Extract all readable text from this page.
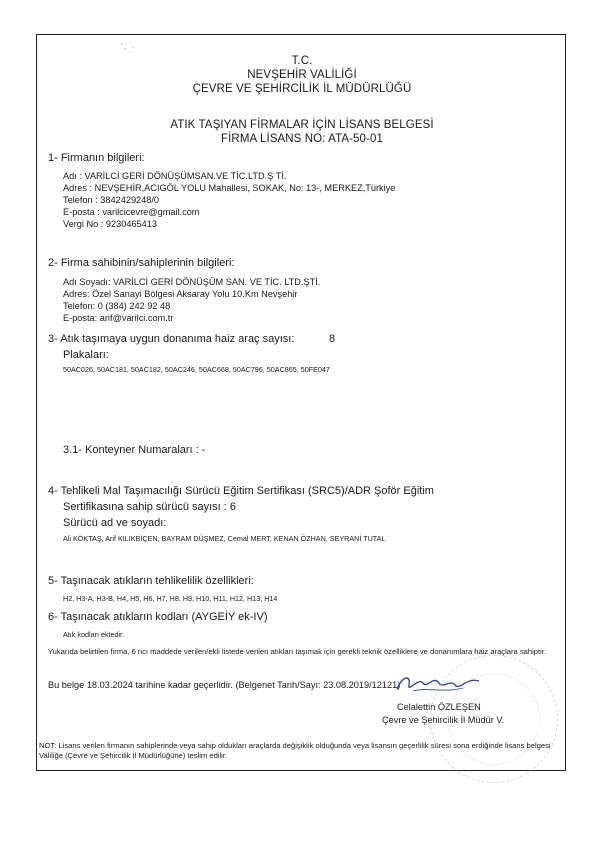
T.C.
NEVŞEHİR VALİLİĞİ
ÇEVRE VE ŞEHİRCİLİK İL MÜDÜRLÜĞÜ
ATIK TAŞIYAN FİRMALAR İÇİN LİSANS BELGESİ
FİRMA LİSANS NO: ATA-50-01
1- Firmanın bilgileri:
Adı : VARİLCİ GERİ DÖNÜŞÜMSAN.VE TİC.LTD.Ş Tİ.
Adres : NEVŞEHİR,ACIGÖL YOLU Mahallesi, SOKAK, No: 13-, MERKEZ,Türkiye
Telefon : 3842429248/0
E-posta : varilcicevre@gmail.com
Vergi No : 9230465413
2- Firma sahibinin/sahiplerinin bilgileri:
Adı Soyadı: VARİLCİ GERİ DÖNÜŞÜM SAN. VE TİC. LTD.ŞTİ.
Adres: Özel Sanayi Bölgesi Aksaray Yolu 10.Km Nevşehir
Telefon: 0 (384) 242 92 48
E-posta: arif@varilci.com.tr
3- Atık taşımaya uygun donanıma haiz araç sayısı:	8
Plakaları:
50AC026, 50AC181, 50AC182, 50AC246, 50AC668, 50AC796, 50AC865, 50FE047
3.1- Konteyner Numaraları : -
4- Tehlikeli Mal Taşımacılığı Sürücü Eğitim Sertifikası (SRC5)/ADR Şoför Eğitim
Sertifikasına sahip sürücü sayısı : 6
Sürücü ad ve soyadı:
Ali KÖKTAŞ, Arif KILIKBİÇEN, BAYRAM DÜŞMEZ, Cemal MERT, KENAN ÖZHAN, SEYRANİ TUTAL
5- Taşınacak atıkların tehlikelilik özellikleri:
H2, H3-A, H3-B, H4, H5, H6, H7, H8, H9, H10, H11, H12, H13, H14
6- Taşınacak atıkların kodları (AYGEİY ek-IV)
Atık kodları ektedir.
Yukarıda belirtilen firma, 6 ncı maddede verilen/ekli listede verilen atıkları taşımak için gerekli teknik özelliklere ve donanımlara haiz araçlara sahiptir.
Bu belge 18.03.2024 tarihine kadar geçerlidir. (Belgenet Tarih/Sayı: 23.08.2019/12121)
Celalettin ÖZLEŞEN
Çevre ve Şehircilik İl Müdür V.
NOT: Lisans verilen firmanın sahiplerinde veya sahip oldukları araçlarda değişiklik olduğunda veya lisansın geçerlilik süresi sona erdiğinde lisans belgesi Valiliğe (Çevre ve Şehircilik İl Müdürlüğüne) teslim edilir.
